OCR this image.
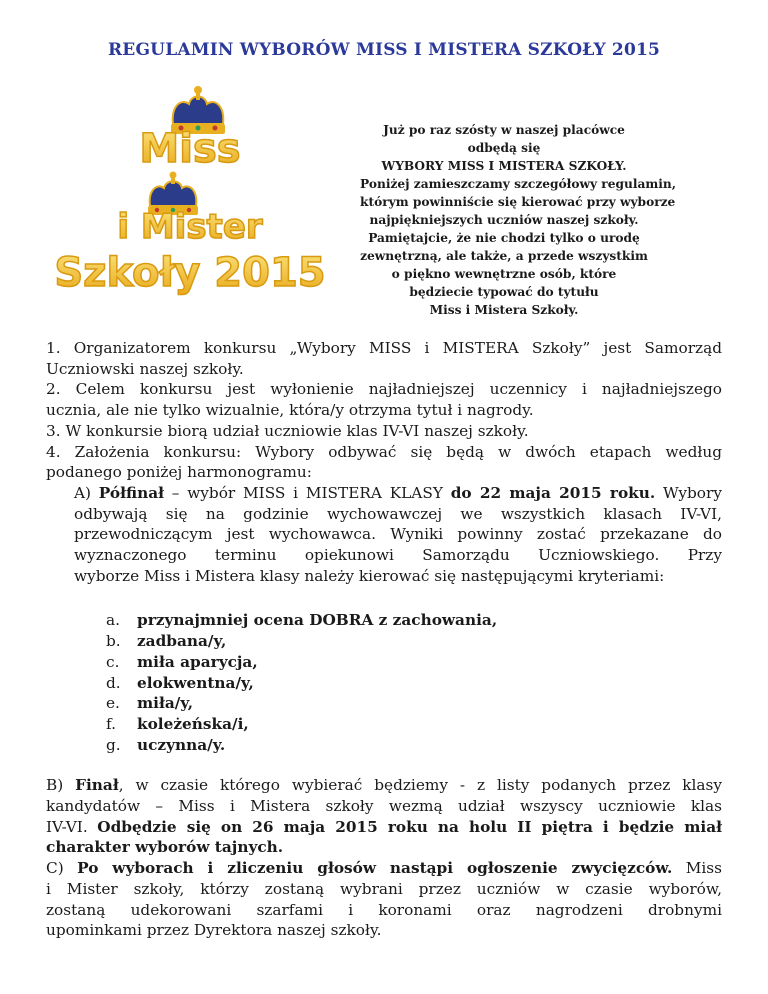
REGULAMIN WYBORÓW MISS I MISTERA SZKOŁY 2015
Miss
i Mister
Szkoły 2015
Już po raz szósty w naszej placówce
odbędą się
WYBORY MISS I MISTERA SZKOŁY.
Poniżej zamieszczamy szczegółowy regulamin,
którym powinniście się kierować przy wyborze
najpiękniejszych uczniów naszej szkoły.
Pamiętajcie, że nie chodzi tylko o urodę
zewnętrzną, ale także, a przede wszystkim
o piękno wewnętrzne osób, które
będziecie typować do tytułu
Miss i Mistera Szkoły.

1. Organizatorem konkursu „Wybory MISS i MISTERA Szkoły” jest Samorząd
Uczniowski naszej szkoły.

2. Celem konkursu jest wyłonienie najładniejszej uczennicy i najładniejszego
ucznia, ale nie tylko wizualnie, która/y otrzyma tytuł i nagrody.

3. W konkursie biorą udział uczniowie klas IV-VI naszej szkoły.

4. Założenia konkursu: Wybory odbywać się będą w dwóch etapach według
podanego poniżej harmonogramu:

A) Półfinał – wybór MISS i MISTERA KLASY do 22 maja 2015 roku. Wybory
odbywają się na godzinie wychowawczej we wszystkich klasach IV-VI,
przewodniczącym jest wychowawca. Wyniki powinny zostać przekazane do
wyznaczonego terminu opiekunowi Samorządu Uczniowskiego. Przy
wyborze Miss i Mistera klasy należy kierować się następującymi kryteriami:
a.	przynajmniej ocena DOBRA z zachowania,
b.	zadbana/y,
c.	miła aparycja,
d.	elokwentna/y,
e.	miła/y,
f.	koleżeńska/i,
g.	uczynna/y.
B) Finał, w czasie którego wybierać będziemy - z listy podanych przez klasy
kandydatów – Miss i Mistera szkoły wezmą udział wszyscy uczniowie klas
IV-VI. Odbędzie się on 26 maja 2015 roku na holu II piętra i będzie miał
charakter wyborów tajnych.
C) Po wyborach i zliczeniu głosów nastąpi ogłoszenie zwycięzców. Miss
i Mister szkoły, którzy zostaną wybrani przez uczniów w czasie wyborów,
zostaną udekorowani szarfami i koronami oraz nagrodzeni drobnymi
upominkami przez Dyrektora naszej szkoły.
